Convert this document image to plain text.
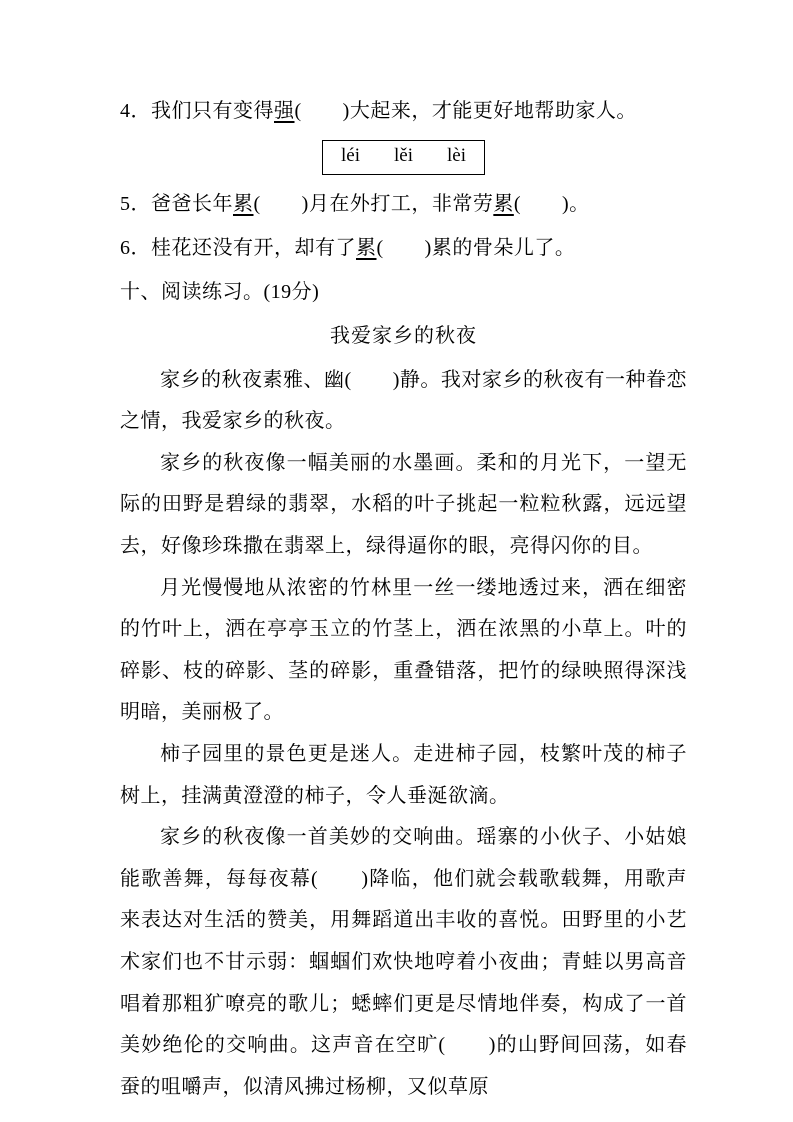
4．我们只有变得强(　　)大起来，才能更好地帮助家人。
léi lěi lèi
5．爸爸长年累(　　)月在外打工，非常劳累(　　)。
6．桂花还没有开，却有了累(　　)累的骨朵儿了。
十、阅读练习。(19分)
我爱家乡的秋夜

家乡的秋夜素雅、幽(　　)静。我对家乡的秋夜有一种眷恋之情，我爱家乡的秋夜。

家乡的秋夜像一幅美丽的水墨画。柔和的月光下，一望无际的田野是碧绿的翡翠，水稻的叶子挑起一粒粒秋露，远远望去，好像珍珠撒在翡翠上，绿得逼你的眼，亮得闪你的目。

月光慢慢地从浓密的竹林里一丝一缕地透过来，洒在细密的竹叶上，洒在亭亭玉立的竹茎上，洒在浓黑的小草上。叶的碎影、枝的碎影、茎的碎影，重叠错落，把竹的绿映照得深浅明暗，美丽极了。

柿子园里的景色更是迷人。走进柿子园，枝繁叶茂的柿子树上，挂满黄澄澄的柿子，令人垂涎欲滴。

家乡的秋夜像一首美妙的交响曲。瑶寨的小伙子、小姑娘能歌善舞，每每夜幕(　　)降临，他们就会载歌载舞，用歌声来表达对生活的赞美，用舞蹈道出丰收的喜悦。田野里的小艺术家们也不甘示弱：蝈蝈们欢快地哼着小夜曲；青蛙以男高音唱着那粗犷嘹亮的歌儿；蟋蟀们更是尽情地伴奏，构成了一首美妙绝伦的交响曲。这声音在空旷(　　)的山野间回荡，如春蚕的咀嚼声，似清风拂过杨柳，又似草原
